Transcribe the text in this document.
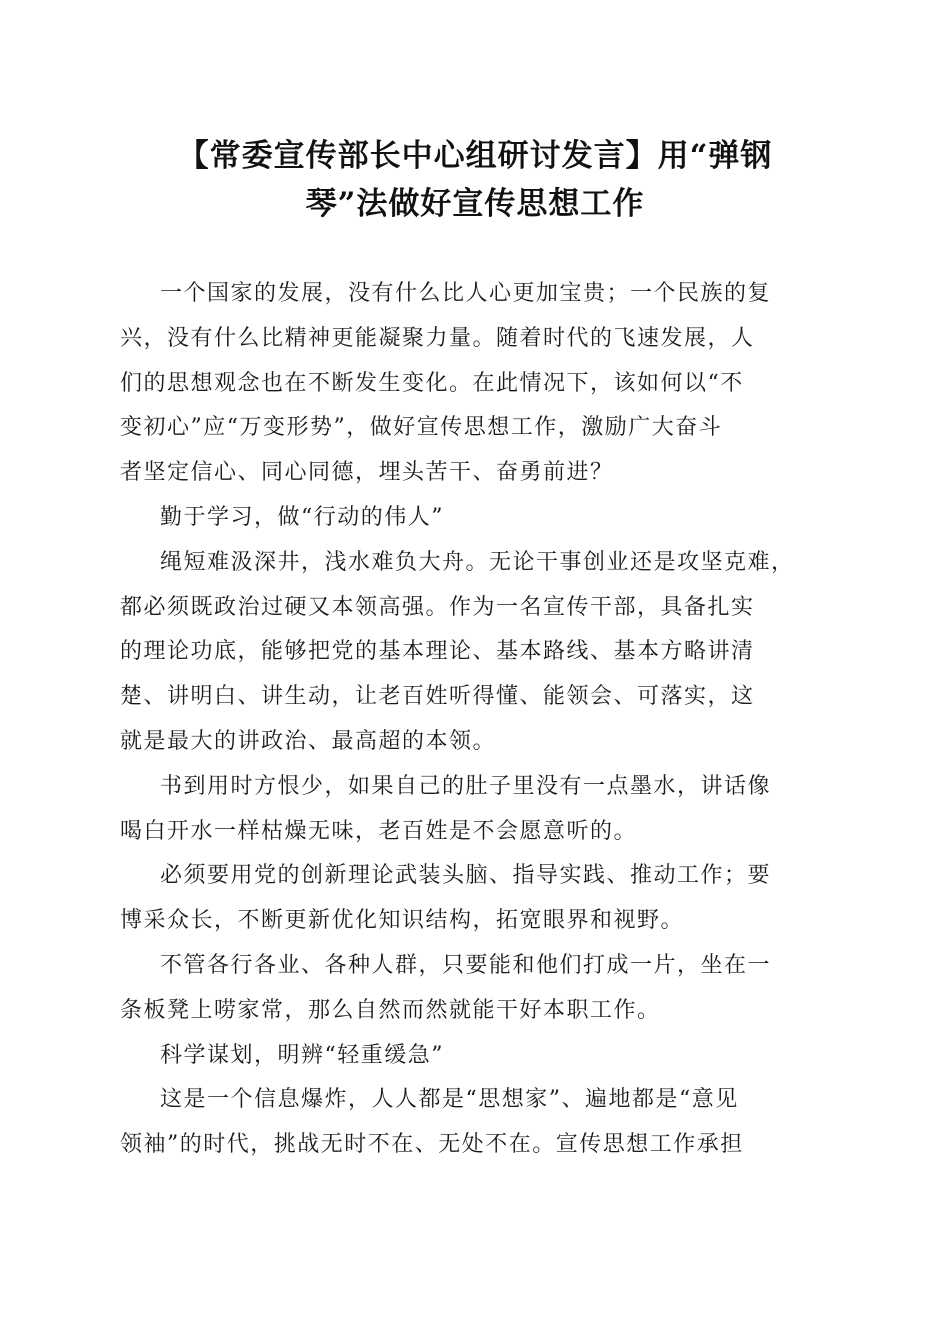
【常委宣传部长中心组研讨发言】用“弹钢
琴”法做好宣传思想工作

一个国家的发展，没有什么比人心更加宝贵；一个民族的复
兴，没有什么比精神更能凝聚力量。随着时代的飞速发展，人
们的思想观念也在不断发生变化。在此情况下，该如何以“不
变初心”应“万变形势”，做好宣传思想工作，激励广大奋斗
者坚定信心、同心同德，埋头苦干、奋勇前进？

勤于学习，做“行动的伟人”

绳短难汲深井，浅水难负大舟。无论干事创业还是攻坚克难，
都必须既政治过硬又本领高强。作为一名宣传干部，具备扎实
的理论功底，能够把党的基本理论、基本路线、基本方略讲清
楚、讲明白、讲生动，让老百姓听得懂、能领会、可落实，这
就是最大的讲政治、最高超的本领。

书到用时方恨少，如果自己的肚子里没有一点墨水，讲话像
喝白开水一样枯燥无味，老百姓是不会愿意听的。

必须要用党的创新理论武装头脑、指导实践、推动工作；要
博采众长，不断更新优化知识结构，拓宽眼界和视野。

不管各行各业、各种人群，只要能和他们打成一片，坐在一
条板凳上唠家常，那么自然而然就能干好本职工作。

科学谋划，明辨“轻重缓急”

这是一个信息爆炸，人人都是“思想家”、遍地都是“意见
领袖”的时代，挑战无时不在、无处不在。宣传思想工作承担
